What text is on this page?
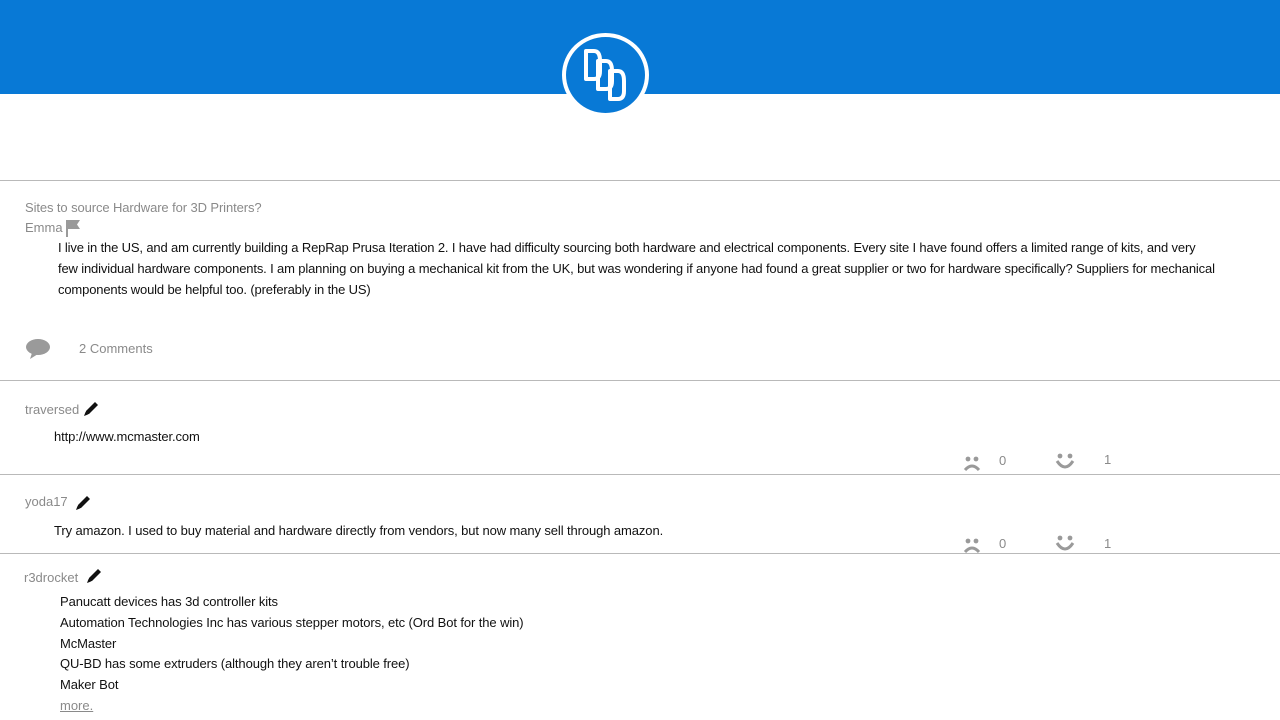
Sites to source Hardware for 3D Printers?
Emma
I live in the US, and am currently building a RepRap Prusa Iteration 2. I have had difficulty sourcing both hardware and electrical components. Every site I have found offers a limited range of kits, and very few individual hardware components. I am planning on buying a mechanical kit from the UK, but was wondering if anyone had found a great supplier or two for hardware specifically? Suppliers for mechanical components would be helpful too. (preferably in the US)
2 Comments
traversed
http://www.mcmaster.com
0	1
yoda17
Try amazon. I used to buy material and hardware directly from vendors, but now many sell through amazon.
0	1
r3drocket
Panucatt devices has 3d controller kits
Automation Technologies Inc has various stepper motors, etc (Ord Bot for the win)
McMaster
QU-BD has some extruders (although they aren’t trouble free)
Maker Bot
more.
